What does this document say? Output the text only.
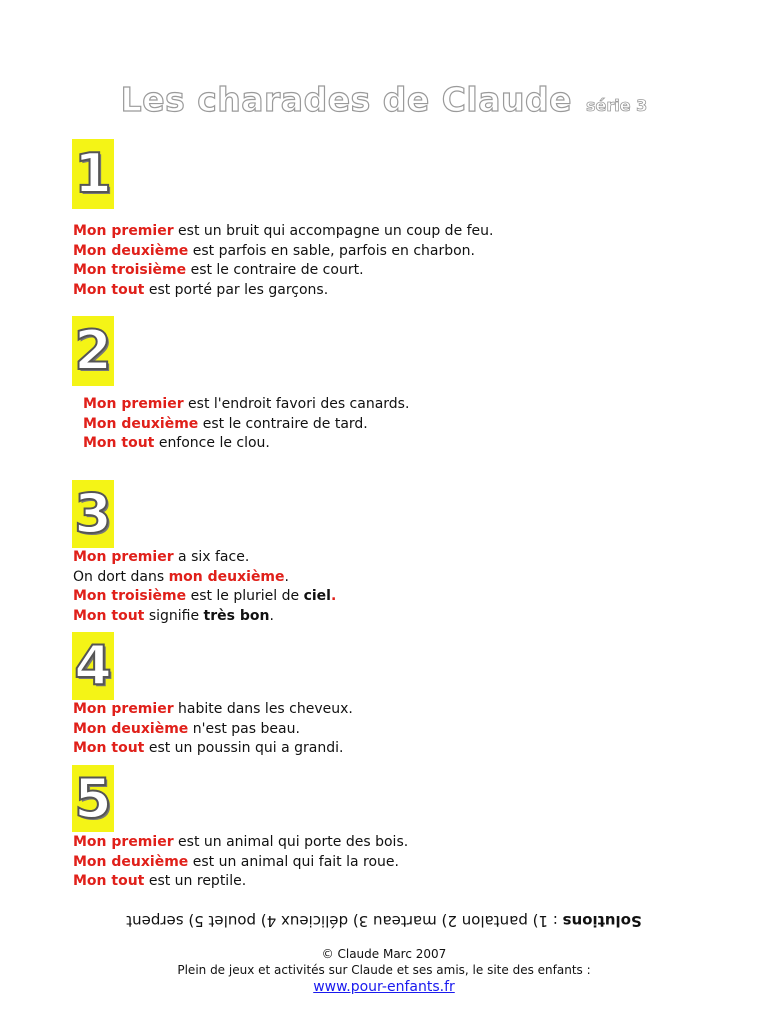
Les charades de Claude série 3
1

Mon premier est un bruit qui accompagne un coup de feu.

Mon deuxième est parfois en sable, parfois en charbon.

Mon troisième est le contraire de court.

Mon tout est porté par les garçons.

2

Mon premier est l'endroit favori des canards.

Mon deuxième est le contraire de tard.

Mon tout enfonce le clou.

3

Mon premier a six face.

On dort dans mon deuxième.

Mon troisième est le pluriel de ciel.

Mon tout signifie très bon.

4

Mon premier habite dans les cheveux.

Mon deuxième n'est pas beau.

Mon tout est un poussin qui a grandi.

5

Mon premier est un animal qui porte des bois.

Mon deuxième est un animal qui fait la roue.

Mon tout est un reptile.

Solutions : 1) pantalon 2) marteau 3) délicieux 4) poulet 5) serpent
© Claude Marc 2007
Plein de jeux et activités sur Claude et ses amis, le site des enfants :
www.pour-enfants.fr
